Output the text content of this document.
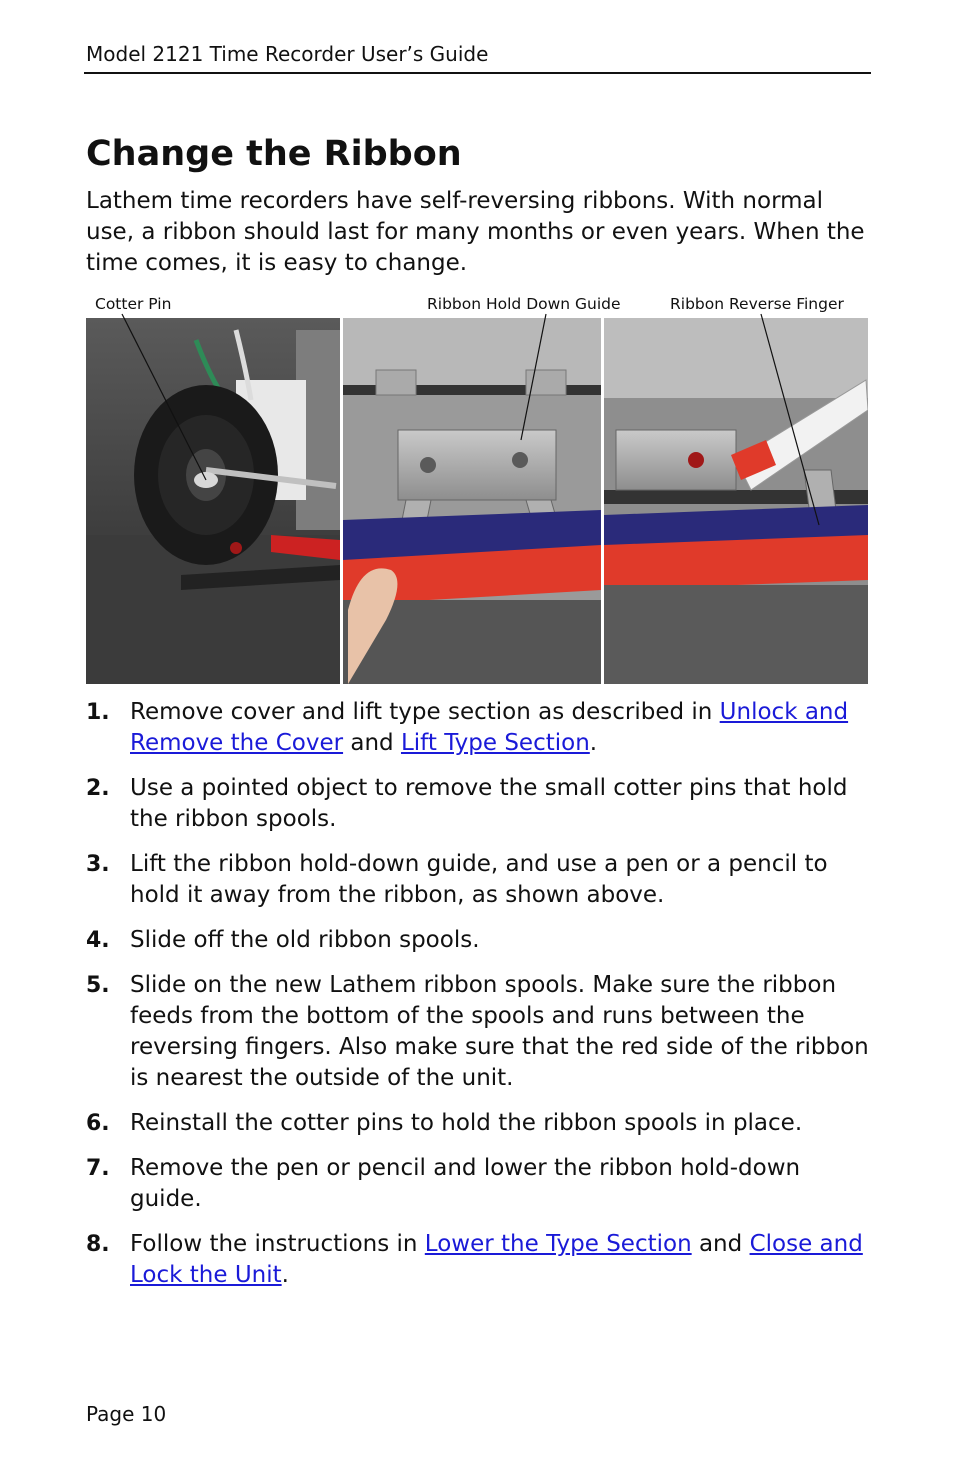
Model 2121 Time Recorder User’s Guide
Change the Ribbon

Lathem time recorders have self-reversing ribbons. With normal use, a ribbon should last for many months or even years. When the time comes, it is easy to change.

Cotter Pin	Ribbon Hold Down Guide	Ribbon Reverse Finger
1. Remove cover and lift type section as described in Unlock and Remove the Cover and Lift Type Section.
2. Use a pointed object to remove the small cotter pins that hold the ribbon spools.
3. Lift the ribbon hold-down guide, and use a pen or a pencil to hold it away from the ribbon, as shown above.
4. Slide off the old ribbon spools.
5. Slide on the new Lathem ribbon spools. Make sure the ribbon feeds from the bottom of the spools and runs between the reversing fingers. Also make sure that the red side of the ribbon is nearest the outside of the unit.
6. Reinstall the cotter pins to hold the ribbon spools in place.
7. Remove the pen or pencil and lower the ribbon hold-down guide.
8. Follow the instructions in Lower the Type Section and Close and Lock the Unit.
Page 10
